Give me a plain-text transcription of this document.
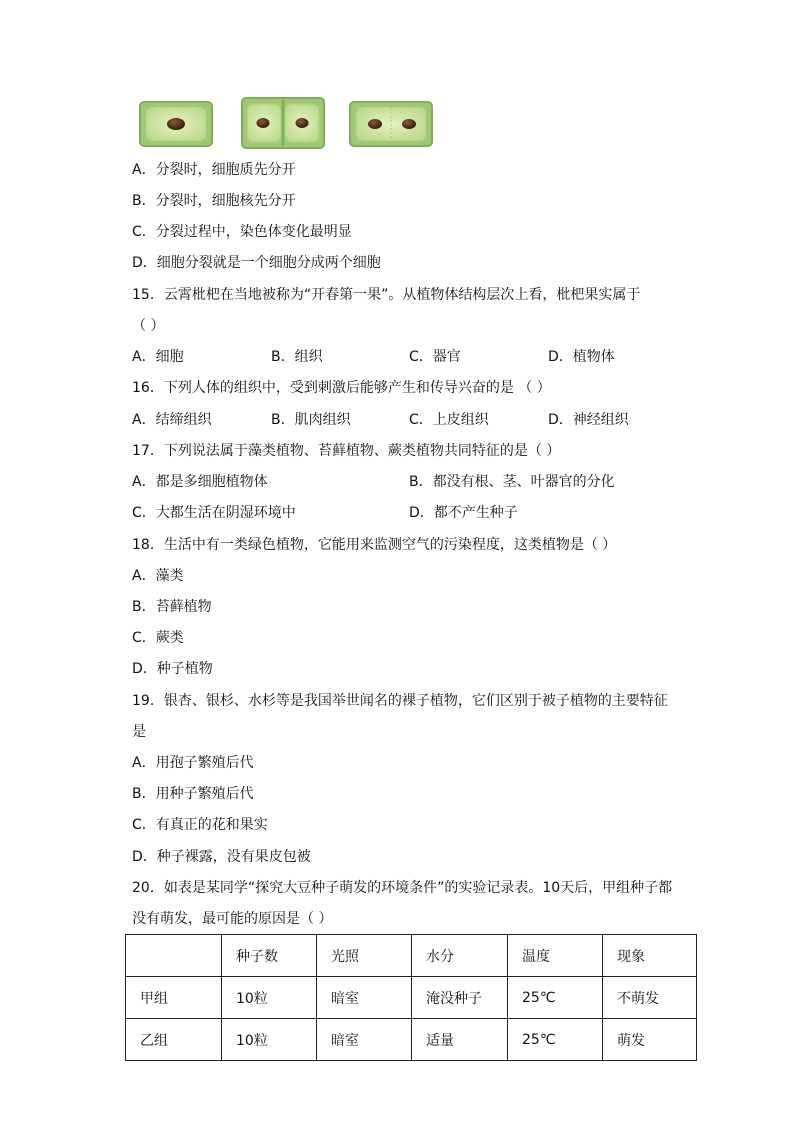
A．分裂时，细胞质先分开
B．分裂时，细胞核先分开
C．分裂过程中，染色体变化最明显
D．细胞分裂就是一个细胞分成两个细胞
15．云霄枇杷在当地被称为“开春第一果”。从植物体结构层次上看，枇杷果实属于
（ ）
A．细胞	B．组织	C．器官	D．植物体
16．下列人体的组织中，受到刺激后能够产生和传导兴奋的是 （ ）
A．结缔组织	B．肌肉组织	C．上皮组织	D．神经组织
17．下列说法属于藻类植物、苔藓植物、蕨类植物共同特征的是（ ）
A．都是多细胞植物体	B．都没有根、茎、叶器官的分化
C．大都生活在阴湿环境中	D．都不产生种子
18．生活中有一类绿色植物，它能用来监测空气的污染程度，这类植物是（ ）
A．藻类
B．苔藓植物
C．蕨类
D．种子植物
19．银杏、银杉、水杉等是我国举世闻名的裸子植物，它们区别于被子植物的主要特征
是
A．用孢子繁殖后代
B．用种子繁殖后代
C．有真正的花和果实
D．种子裸露，没有果皮包被
20．如表是某同学“探究大豆种子萌发的环境条件”的实验记录表。10天后，甲组种子都
没有萌发，最可能的原因是（ ）
	种子数	光照	水分	温度	现象
甲组	10粒	暗室	淹没种子	25℃	不萌发
乙组	10粒	暗室	适量	25℃	萌发
